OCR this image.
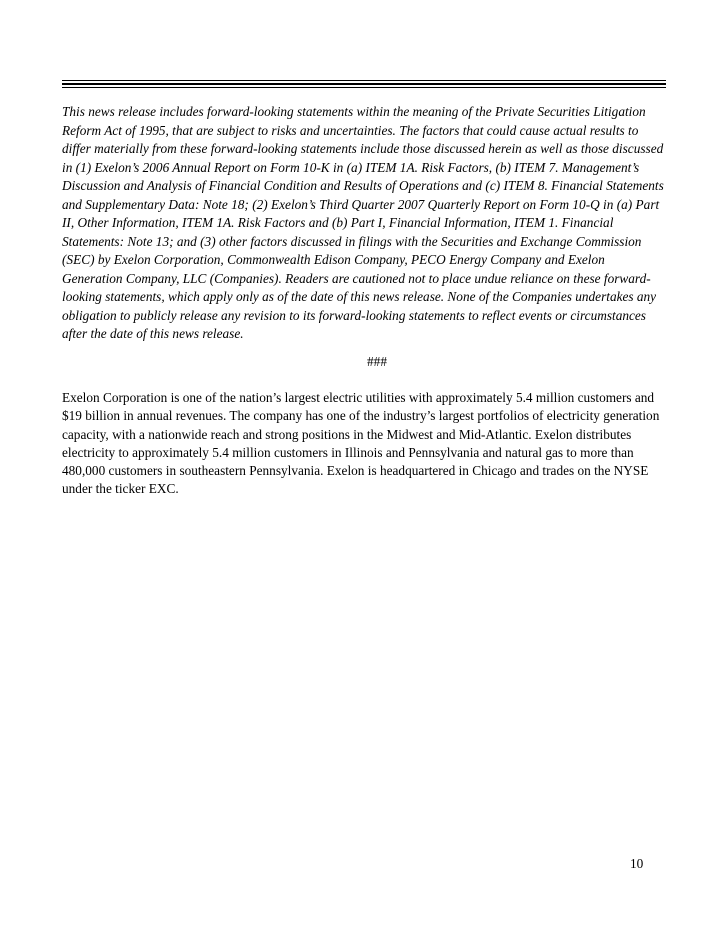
This news release includes forward-looking statements within the meaning of the Private Securities Litigation Reform Act of 1995, that are subject to risks and uncertainties. The factors that could cause actual results to differ materially from these forward-looking statements include those discussed herein as well as those discussed in (1) Exelon’s 2006 Annual Report on Form 10-K in (a) ITEM 1A. Risk Factors, (b) ITEM 7. Management’s Discussion and Analysis of Financial Condition and Results of Operations and (c) ITEM 8. Financial Statements and Supplementary Data: Note 18; (2) Exelon’s Third Quarter 2007 Quarterly Report on Form 10-Q in (a) Part II, Other Information, ITEM 1A. Risk Factors and (b) Part I, Financial Information, ITEM 1. Financial Statements: Note 13; and (3) other factors discussed in filings with the Securities and Exchange Commission (SEC) by Exelon Corporation, Commonwealth Edison Company, PECO Energy Company and Exelon Generation Company, LLC (Companies). Readers are cautioned not to place undue reliance on these forward-looking statements, which apply only as of the date of this news release. None of the Companies undertakes any obligation to publicly release any revision to its forward-looking statements to reflect events or circumstances after the date of this news release.

###

Exelon Corporation is one of the nation’s largest electric utilities with approximately 5.4 million customers and $19 billion in annual revenues. The company has one of the industry’s largest portfolios of electricity generation capacity, with a nationwide reach and strong positions in the Midwest and Mid-Atlantic. Exelon distributes electricity to approximately 5.4 million customers in Illinois and Pennsylvania and natural gas to more than 480,000 customers in southeastern Pennsylvania. Exelon is headquartered in Chicago and trades on the NYSE under the ticker EXC.

10
